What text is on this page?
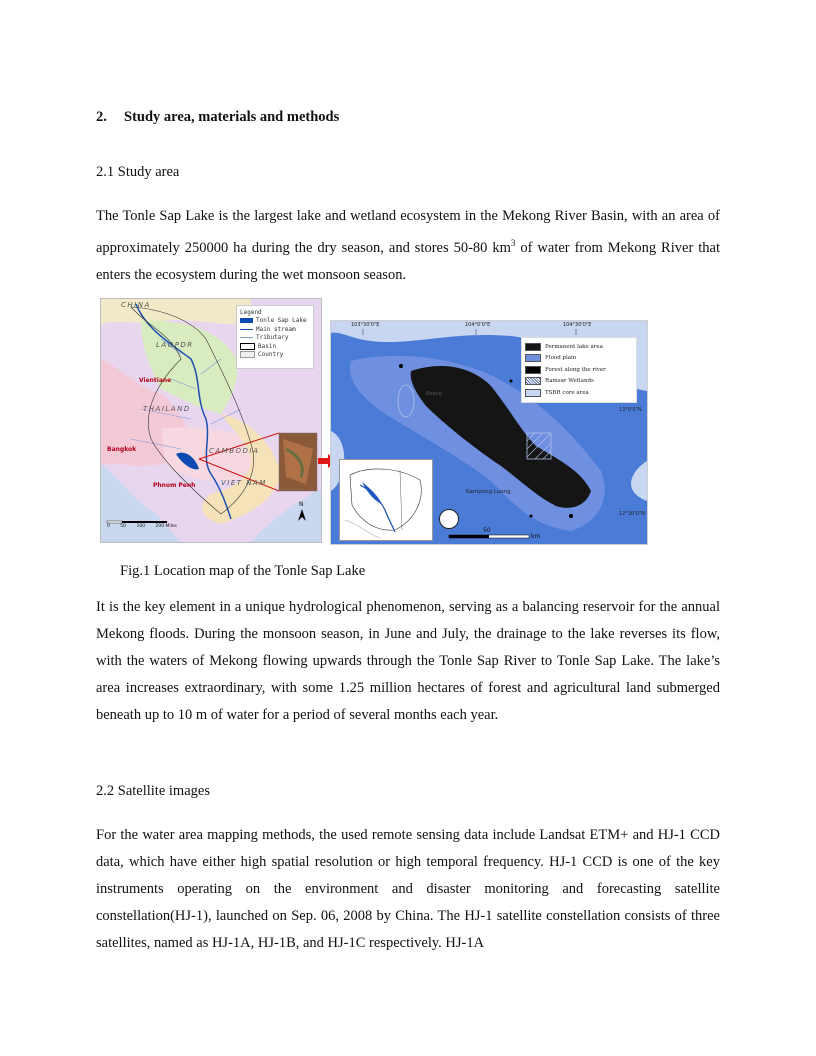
2. Study area, materials and methods
2.1 Study area
The Tonle Sap Lake is the largest lake and wetland ecosystem in the Mekong River Basin, with an area of approximately 250000 ha during the dry season, and stores 50-80 $km^3$ of water from Mekong River that enters the ecosystem during the wet monsoon season.
Fig.1 Location map of the Tonle Sap Lake
It is the key element in a unique hydrological phenomenon, serving as a balancing reservoir for the annual Mekong floods. During the monsoon season, in June and July, the drainage to the lake reverses its flow, with the waters of Mekong flowing upwards through the Tonle Sap River to Tonle Sap Lake. The lake’s area increases extraordinary, with some 1.25 million hectares of forest and agricultural land submerged beneath up to 10 m of water for a period of several months each year.
2.2 Satellite images
For the water area mapping methods, the used remote sensing data include Landsat ETM+ and HJ-1 CCD data, which have either high spatial resolution or high temporal frequency. HJ-1 CCD is one of the key instruments operating on the environment and disaster monitoring and forecasting satellite constellation(HJ-1), launched on Sep. 06, 2008 by China. The HJ-1 satellite constellation consists of three satellites, named as HJ-1A, HJ-1B, and HJ-1C respectively. HJ-1A
CHINA
LAOPDR
THAILAND
CAMBODIA
VIET NAM
Vientiane
Bangkok
Phnom Penh
Legend
Tonle Sap Lake
Main stream
Tributary
Basin
Country
0 50 100 200 Miles
N
103°30'0"E	104°0'0"E	104°30'0"E
13°0'0"N
12°30'0"N
Permanent lake area
Flood plain
Forest along the river
Ramsar Wetlands
TSBR core area
Boeng
Kampong Luong
50
km
